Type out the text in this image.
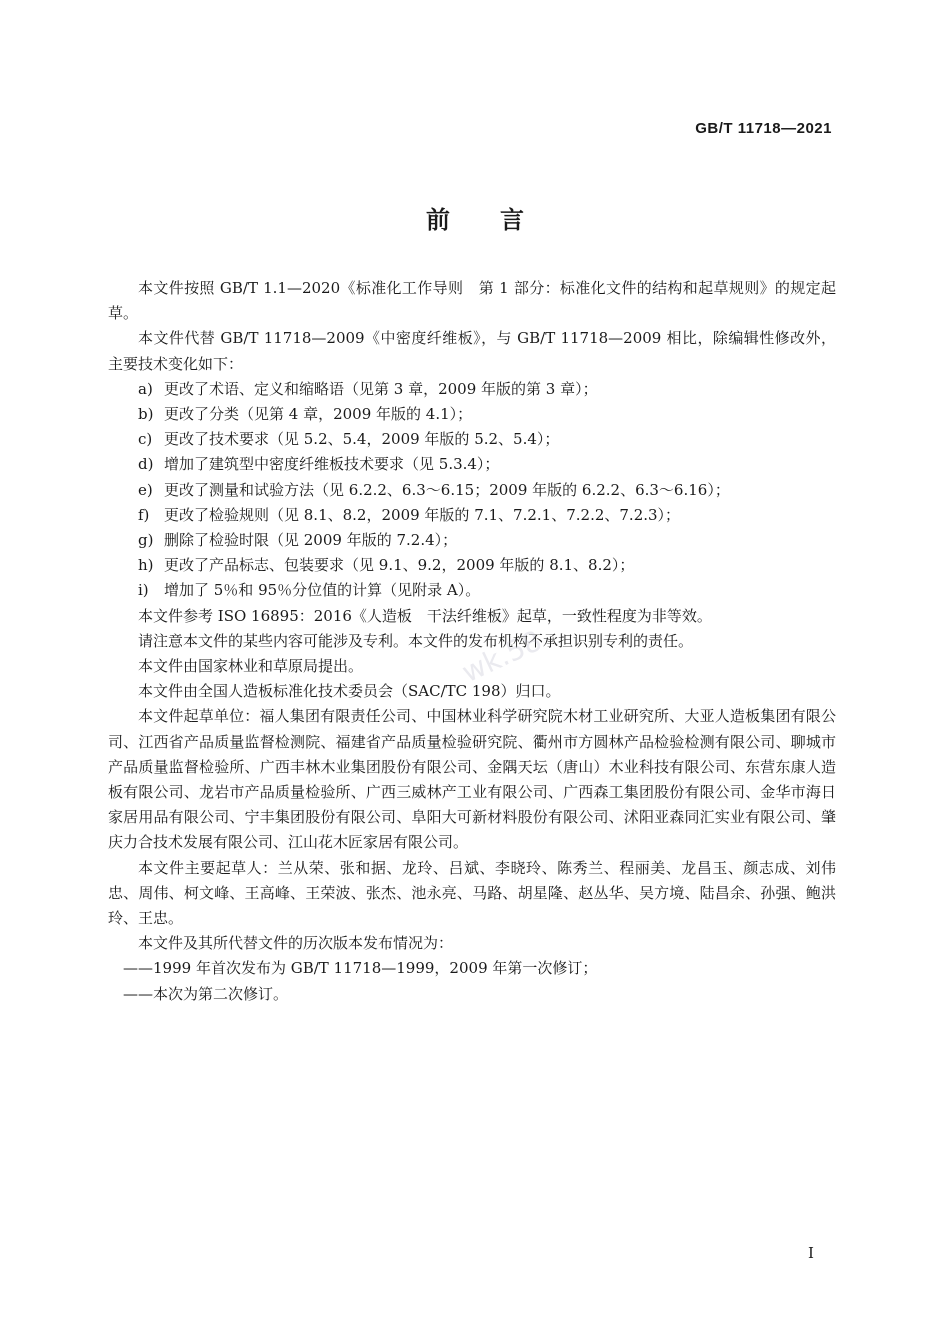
GB/T 11718—2021
前言

本文件按照 GB/T 1.1—2020《标准化工作导则　第 1 部分：标准化文件的结构和起草规则》的规定起草。

本文件代替 GB/T 11718—2009《中密度纤维板》，与 GB/T 11718—2009 相比，除编辑性修改外，主要技术变化如下：

a) 更改了术语、定义和缩略语（见第 3 章，2009 年版的第 3 章）；
b) 更改了分类（见第 4 章，2009 年版的 4.1）；
c) 更改了技术要求（见 5.2、5.4，2009 年版的 5.2、5.4）；
d) 增加了建筑型中密度纤维板技术要求（见 5.3.4）；
e) 更改了测量和试验方法（见 6.2.2、6.3～6.15；2009 年版的 6.2.2、6.3～6.16）；
f) 更改了检验规则（见 8.1、8.2，2009 年版的 7.1、7.2.1、7.2.2、7.2.3）；
g) 删除了检验时限（见 2009 年版的 7.2.4）；
h) 更改了产品标志、包装要求（见 9.1、9.2，2009 年版的 8.1、8.2）；
i)	增加了 5％和 95％分位值的计算（见附录 A）。

本文件参考 ISO 16895：2016《人造板　干法纤维板》起草，一致性程度为非等效。

请注意本文件的某些内容可能涉及专利。本文件的发布机构不承担识别专利的责任。

本文件由国家林业和草原局提出。

本文件由全国人造板标准化技术委员会（SAC/TC 198）归口。

本文件起草单位：福人集团有限责任公司、中国林业科学研究院木材工业研究所、大亚人造板集团有限公司、江西省产品质量监督检测院、福建省产品质量检验研究院、衢州市方圆林产品检验检测有限公司、聊城市产品质量监督检验所、广西丰林木业集团股份有限公司、金隅天坛（唐山）木业科技有限公司、东营东康人造板有限公司、龙岩市产品质量检验所、广西三威林产工业有限公司、广西森工集团股份有限公司、金华市海日家居用品有限公司、宁丰集团股份有限公司、阜阳大可新材料股份有限公司、沭阳亚森同汇实业有限公司、肇庆力合技术发展有限公司、江山花木匠家居有限公司。

本文件主要起草人：兰从荣、张和据、龙玲、吕斌、李晓玲、陈秀兰、程丽美、龙昌玉、颜志成、刘伟忠、周伟、柯文峰、王高峰、王荣波、张杰、池永亮、马路、胡星隆、赵丛华、吴方境、陆昌余、孙强、鲍洪玲、王忠。

本文件及其所代替文件的历次版本发布情况为：

——1999 年首次发布为 GB/T 11718—1999，2009 年第一次修订；

——本次为第二次修订。

wk.58
I
